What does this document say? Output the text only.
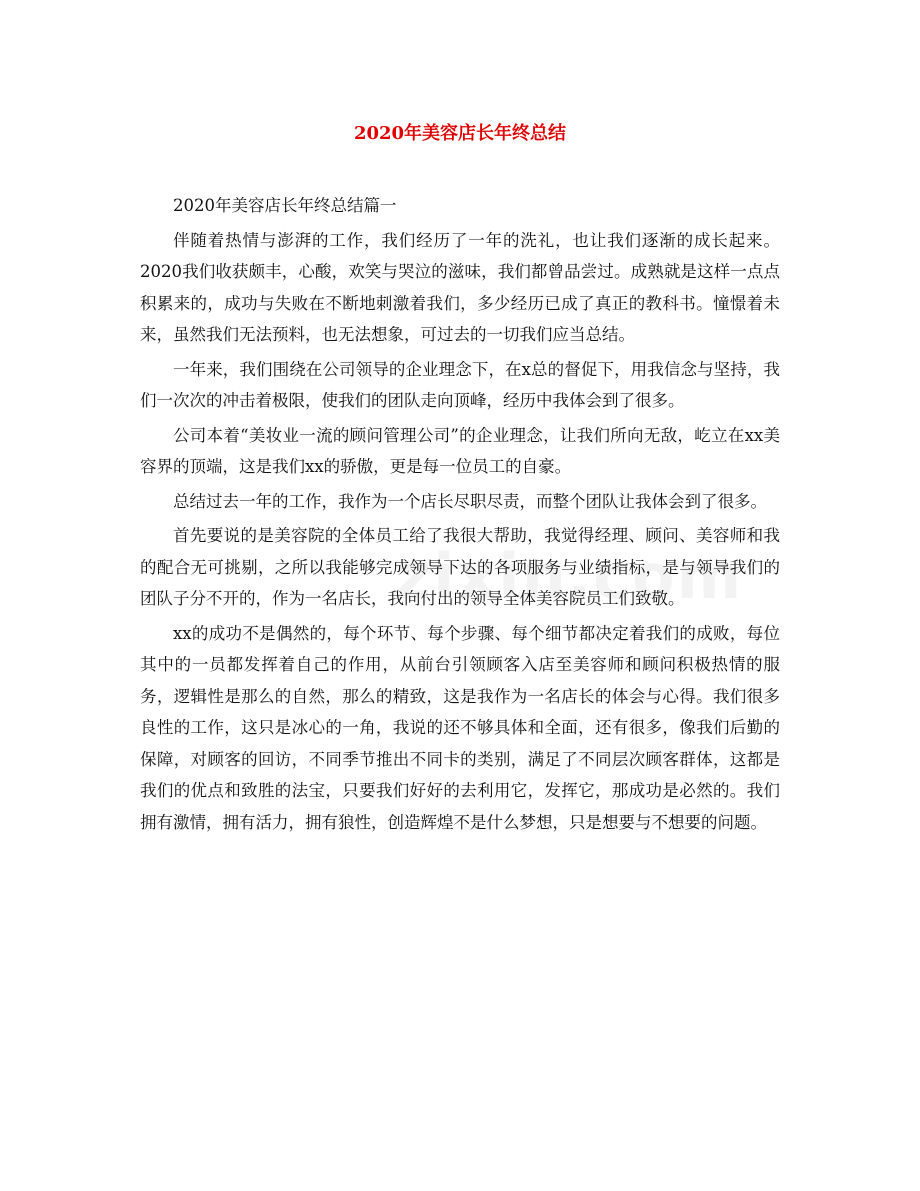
2020年美容店长年终总结

2020年美容店长年终总结篇一

伴随着热情与澎湃的工作，我们经历了一年的洗礼，也让我们逐渐的成长起来。2020我们收获颇丰，心酸，欢笑与哭泣的滋味，我们都曾品尝过。成熟就是这样一点点积累来的，成功与失败在不断地刺激着我们，多少经历已成了真正的教科书。憧憬着未来，虽然我们无法预料，也无法想象，可过去的一切我们应当总结。

一年来，我们围绕在公司领导的企业理念下，在x总的督促下，用我信念与坚持，我们一次次的冲击着极限，使我们的团队走向顶峰，经历中我体会到了很多。

公司本着“美妆业一流的顾问管理公司”的企业理念，让我们所向无敌，屹立在xx美容界的顶端，这是我们xx的骄傲，更是每一位员工的自豪。

总结过去一年的工作，我作为一个店长尽职尽责，而整个团队让我体会到了很多。

首先要说的是美容院的全体员工给了我很大帮助，我觉得经理、顾问、美容师和我的配合无可挑剔，之所以我能够完成领导下达的各项服务与业绩指标，是与领导我们的团队子分不开的，作为一名店长，我向付出的领导全体美容院员工们致敬。

xx的成功不是偶然的，每个环节、每个步骤、每个细节都决定着我们的成败，每位其中的一员都发挥着自己的作用，从前台引领顾客入店至美容师和顾问积极热情的服务，逻辑性是那么的自然，那么的精致，这是我作为一名店长的体会与心得。我们很多良性的工作，这只是冰心的一角，我说的还不够具体和全面，还有很多，像我们后勤的保障，对顾客的回访，不同季节推出不同卡的类别，满足了不同层次顾客群体，这都是我们的优点和致胜的法宝，只要我们好好的去利用它，发挥它，那成功是必然的。我们拥有激情，拥有活力，拥有狼性，创造辉煌不是什么梦想，只是想要与不想要的问题。
